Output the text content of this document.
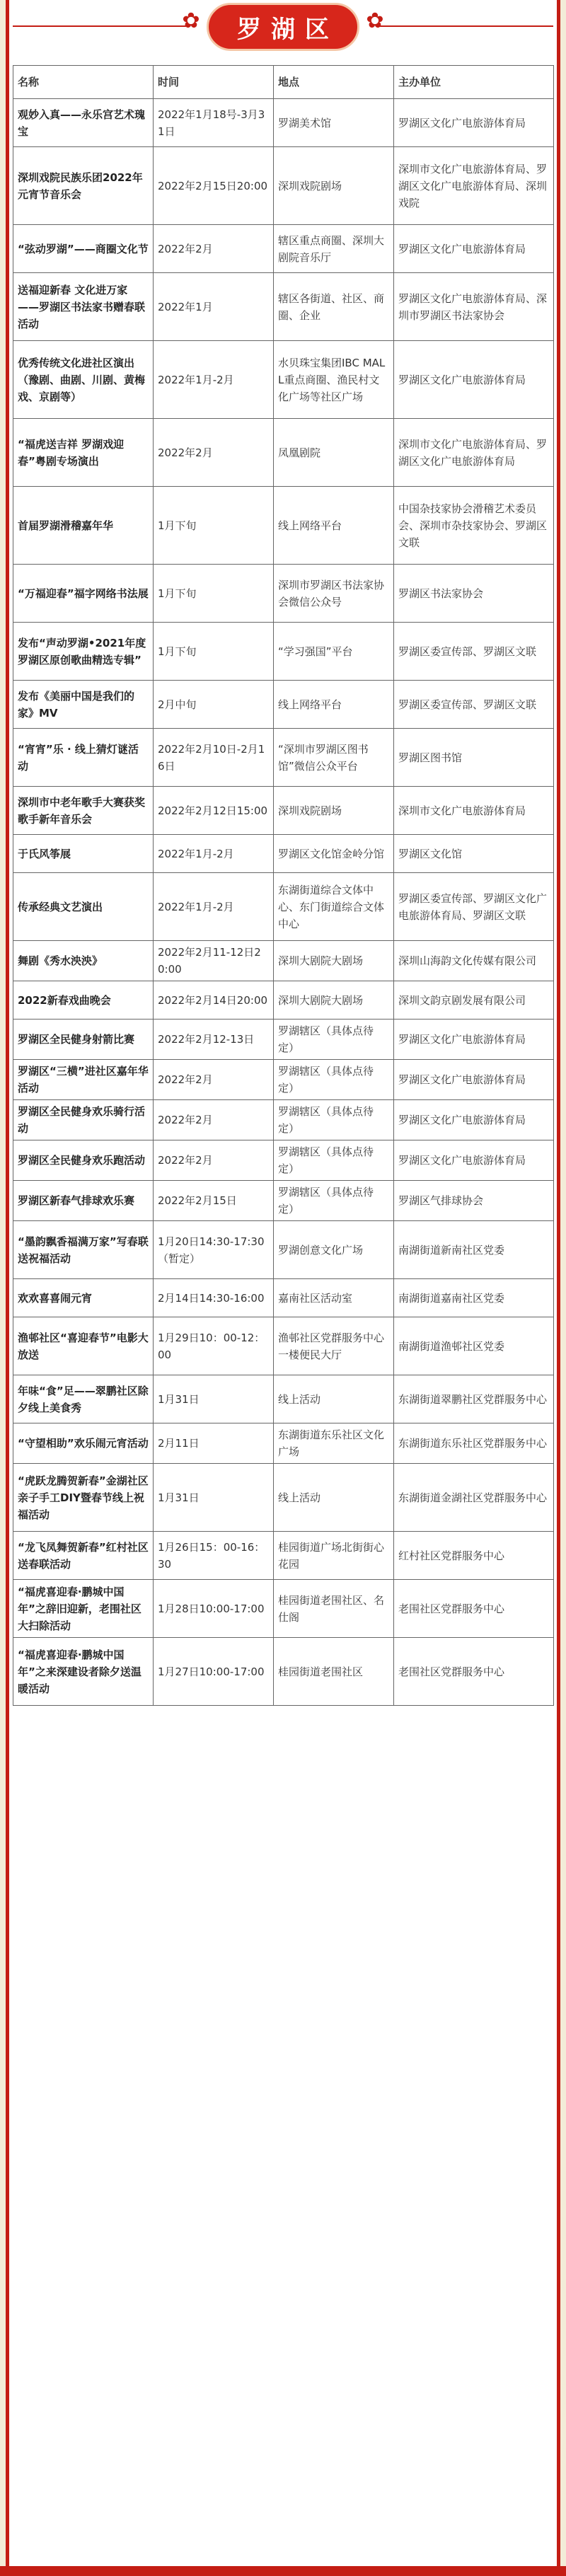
✿	✿
罗湖区
名称	时间	地点	主办单位
观妙入真——永乐宫艺术瑰宝	2022年1月18号-3月31日	罗湖美术馆	罗湖区文化广电旅游体育局
深圳戏院民族乐团2022年元宵节音乐会	2022年2月15日20:00	深圳戏院剧场	深圳市文化广电旅游体育局、罗湖区文化广电旅游体育局、深圳戏院
“弦动罗湖”——商圈文化节	2022年2月	辖区重点商圈、深圳大剧院音乐厅	罗湖区文化广电旅游体育局
送福迎新春 文化进万家——罗湖区书法家书赠春联活动	2022年1月	辖区各街道、社区、商圈、企业	罗湖区文化广电旅游体育局、深圳市罗湖区书法家协会
优秀传统文化进社区演出（豫剧、曲剧、川剧、黄梅戏、京剧等）	2022年1月-2月	水贝珠宝集团IBC MALL重点商圈、渔民村文化广场等社区广场	罗湖区文化广电旅游体育局
“福虎送吉祥 罗湖戏迎春”粤剧专场演出	2022年2月	凤凰剧院	深圳市文化广电旅游体育局、罗湖区文化广电旅游体育局
首届罗湖滑稽嘉年华	1月下旬	线上网络平台	中国杂技家协会滑稽艺术委员会、深圳市杂技家协会、罗湖区文联
“万福迎春”福字网络书法展	1月下旬	深圳市罗湖区书法家协会微信公众号	罗湖区书法家协会
发布“声动罗湖•2021年度罗湖区原创歌曲精选专辑”	1月下旬	“学习强国”平台	罗湖区委宣传部、罗湖区文联
发布《美丽中国是我们的家》MV	2月中旬	线上网络平台	罗湖区委宣传部、罗湖区文联
“宵宵”乐 · 线上猜灯谜活动	2022年2月10日-2月16日	“深圳市罗湖区图书馆”微信公众平台	罗湖区图书馆
深圳市中老年歌手大赛获奖歌手新年音乐会	2022年2月12日15:00	深圳戏院剧场	深圳市文化广电旅游体育局
于氏风筝展	2022年1月-2月	罗湖区文化馆金岭分馆	罗湖区文化馆
传承经典文艺演出	2022年1月-2月	东湖街道综合文体中心、东门街道综合文体中心	罗湖区委宣传部、罗湖区文化广电旅游体育局、罗湖区文联
舞剧《秀水泱泱》	2022年2月11-12日20:00	深圳大剧院大剧场	深圳山海韵文化传媒有限公司
2022新春戏曲晚会	2022年2月14日20:00	深圳大剧院大剧场	深圳文韵京剧发展有限公司
罗湖区全民健身射箭比赛	2022年2月12-13日	罗湖辖区（具体点待定）	罗湖区文化广电旅游体育局
罗湖区“三横”进社区嘉年华活动	2022年2月	罗湖辖区（具体点待定）	罗湖区文化广电旅游体育局
罗湖区全民健身欢乐骑行活动	2022年2月	罗湖辖区（具体点待定）	罗湖区文化广电旅游体育局
罗湖区全民健身欢乐跑活动	2022年2月	罗湖辖区（具体点待定）	罗湖区文化广电旅游体育局
罗湖区新春气排球欢乐赛	2022年2月15日	罗湖辖区（具体点待定）	罗湖区气排球协会
“墨韵飘香福满万家”写春联送祝福活动	1月20日14:30-17:30（暂定）	罗湖创意文化广场	南湖街道新南社区党委
欢欢喜喜闹元宵	2月14日14:30-16:00	嘉南社区活动室	南湖街道嘉南社区党委
渔邨社区“喜迎春节”电影大放送	1月29日10：00-12：00	渔邨社区党群服务中心一楼便民大厅	南湖街道渔邨社区党委
年味“食”足——翠鹏社区除夕线上美食秀	1月31日	线上活动	东湖街道翠鹏社区党群服务中心
“守望相助”欢乐闹元宵活动	2月11日	东湖街道东乐社区文化广场	东湖街道东乐社区党群服务中心
“虎跃龙腾贺新春”金湖社区亲子手工DIY暨春节线上祝福活动	1月31日	线上活动	东湖街道金湖社区党群服务中心
“龙飞凤舞贺新春”红村社区送春联活动	1月26日15：00-16：30	桂园街道广场北街街心花园	红村社区党群服务中心
“福虎喜迎春·鹏城中国年”之辞旧迎新，老围社区大扫除活动	1月28日10:00-17:00	桂园街道老围社区、名仕阁	老围社区党群服务中心
“福虎喜迎春·鹏城中国年”之来深建设者除夕送温暖活动	1月27日10:00-17:00	桂园街道老围社区	老围社区党群服务中心
